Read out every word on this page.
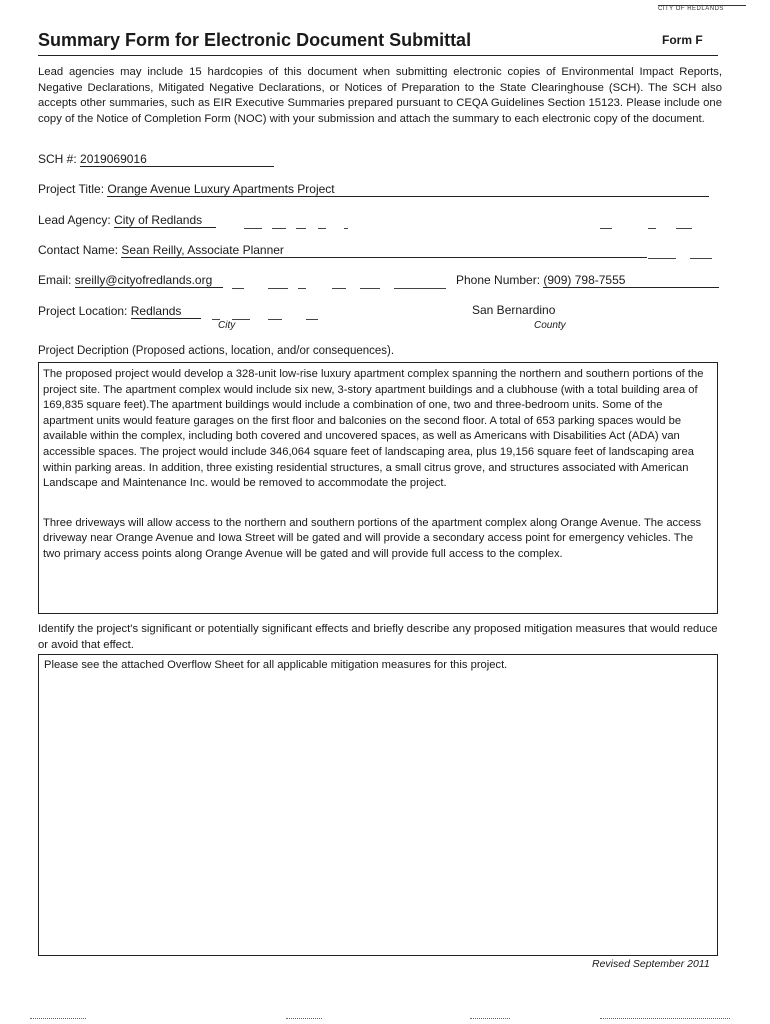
CITY OF REDLANDS
Summary Form for Electronic Document Submittal	Form F
Lead agencies may include 15 hardcopies of this document when submitting electronic copies of Environmental Impact Reports, Negative Declarations, Mitigated Negative Declarations, or Notices of Preparation to the State Clearinghouse (SCH). The SCH also accepts other summaries, such as EIR Executive Summaries prepared pursuant to CEQA Guidelines Section 15123. Please include one copy of the Notice of Completion Form (NOC) with your submission and attach the summary to each electronic copy of the document.
SCH #: 2019069016
Project Title: Orange Avenue Luxury Apartments Project
Lead Agency: City of Redlands
Contact Name: Sean Reilly, Associate Planner
Email: sreilly@cityofredlands.org	Phone Number: (909) 798-7555
Project Location: Redlands
City
San Bernardino
County
Project Decription (Proposed actions, location, and/or consequences).

The proposed project would develop a 328-unit low-rise luxury apartment complex spanning the northern and southern portions of the project site. The apartment complex would include six new, 3-story apartment buildings and a clubhouse (with a total building area of 169,835 square feet).The apartment buildings would include a combination of one, two and three-bedroom units. Some of the apartment units would feature garages on the first floor and balconies on the second floor. A total of 653 parking spaces would be available within the complex, including both covered and uncovered spaces, as well as Americans with Disabilities Act (ADA) van accessible spaces. The project would include 346,064 square feet of landscaping area, plus 19,156 square feet of landscaping area within parking areas. In addition, three existing residential structures, a small citrus grove, and structures associated with American Landscape and Maintenance Inc. would be removed to accommodate the project.

Three driveways will allow access to the northern and southern portions of the apartment complex along Orange Avenue. The access driveway near Orange Avenue and Iowa Street will be gated and will provide a secondary access point for emergency vehicles. The two primary access points along Orange Avenue will be gated and will provide full access to the complex.

Identify the project's significant or potentially significant effects and briefly describe any proposed mitigation measures that would reduce or avoid that effect.

Please see the attached Overflow Sheet for all applicable mitigation measures for this project.

Revised September 2011
